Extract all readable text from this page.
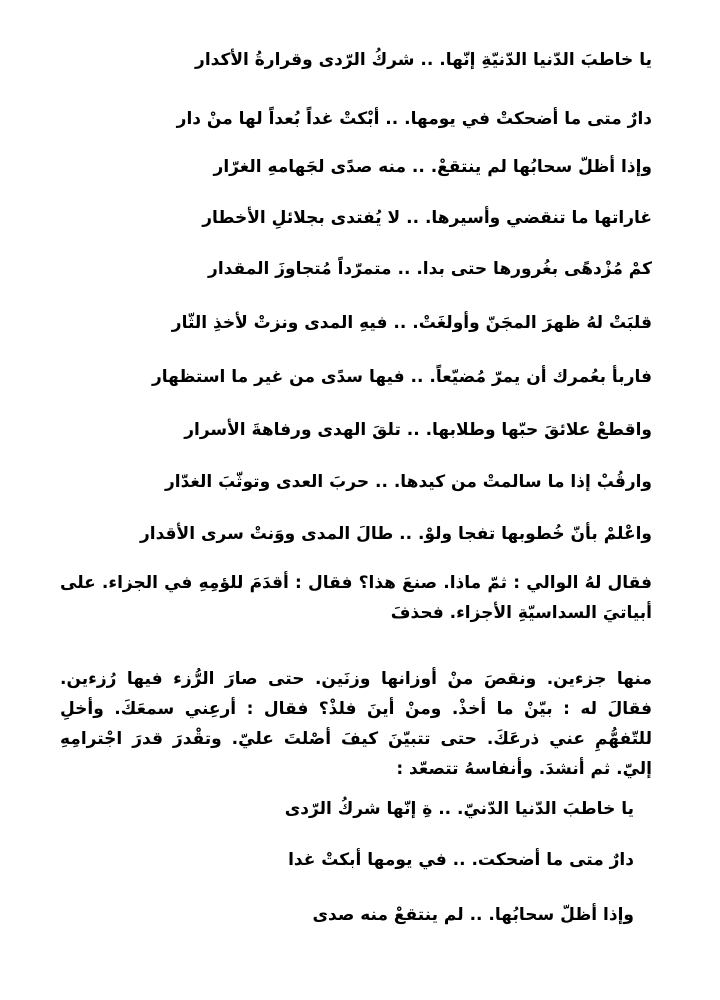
يا خاطبَ الدّنيا الدّنيّةِ إنّها. .. شركُ الرّدى وقرارةُ الأكدار
دارٌ متى ما أضحكتْ في يومها. .. أبْكتْ غداً بُعداً لها منْ دار
وإذا أظلّ سحابُها لم ينتقعْ. .. منه صدًى لجَهامهِ الغرّار
غاراتها ما تنقضي وأسيرها. .. لا يُفتدى بجلائلِ الأخطار
كمْ مُزْدهًى بغُرورها حتى بدا. .. متمرّداً مُتجاوزَ المقدار
قلبَتْ لهُ ظهرَ المجَنّ وأولغَتْ. .. فيهِ المدى ونزتْ لأخذِ الثّار
فاربأ بعُمرك أن يمرّ مُضيّعاً. .. فيها سدًى من غير ما استظهار
واقطعْ علائقَ حبّها وطلابها. .. تلقَ الهدى ورفاهةَ الأسرار
وارقُبْ إذا ما سالمتْ من كيدها. .. حربَ العدى وتوثّبَ الغدّار
واعْلمْ بأنّ خُطوبها تفجا ولوْ. .. طالَ المدى ووَنتْ سرى الأقدار
فقال لهُ الوالي : ثمّ ماذا. صنعَ هذا؟ فقال : أقدَمَ للؤمِهِ في الجزاء. على أبياتيَ السداسيّةِ الأجزاء. فحذفَ
منها جزءين. ونقصَ منْ أوزانها وزنَين. حتى صارَ الرُّزء فيها رُزءين. فقالَ له : بيّنْ ما أخذْ. ومنْ أينَ فلذْ؟ فقال : أرعِني سمعَكَ. وأخلِ للتّفهُّمِ عني ذرعَكَ. حتى تتبيّنَ كيفَ أصْلتَ عليّ. وتقْدرَ قدرَ اجْترامِهِ إليّ. ثم أنشدَ. وأنفاسهُ تتصعّد :
يا خاطبَ الدّنيا الدّنيّ. .. ةِ إنّها شركُ الرّدى
دارٌ متى ما أضحكت. .. في يومها أبكتْ غدا
وإذا أظلّ سحابُها. .. لم ينتقعْ منه صدى
